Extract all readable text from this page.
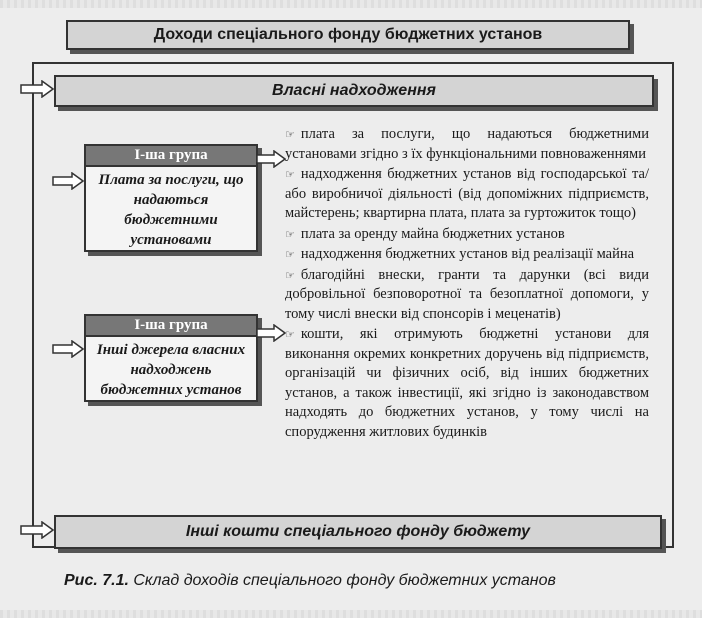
Доходи спеціального фонду бюджетних установ
Власні надходження
І-ша група
Плата за послуги, що надаються бюджетними установами
І-ша група
Інші джерела власних надходжень бюджетних установ
☞ плата за послуги, що надаються бюджетними установами згідно з їх функціональними повноваженнями
☞ надходження бюджетних установ від господарської та/ або виробничої діяльності (від допоміжних підприємств, майстерень; квартирна плата, плата за гуртожиток тощо)
☞ плата за оренду майна бюджетних установ
☞ надходження бюджетних установ від реалізації майна
☞ благодійні внески, гранти та дарунки (всі види добровільної безповоротної та безоплатної допомоги, у тому числі внески від спонсорів і меценатів)
☞ кошти, які отримують бюджетні установи для виконання окремих конкретних доручень від підприємств, організацій чи фізичних осіб, від інших бюджетних установ, а також інвестиції, які згідно із законодавством надходять до бюджетних установ, у тому числі на спорудження житлових будинків
Інші кошти спеціального фонду бюджету
Рис. 7.1. Склад доходів спеціального фонду бюджетних установ
